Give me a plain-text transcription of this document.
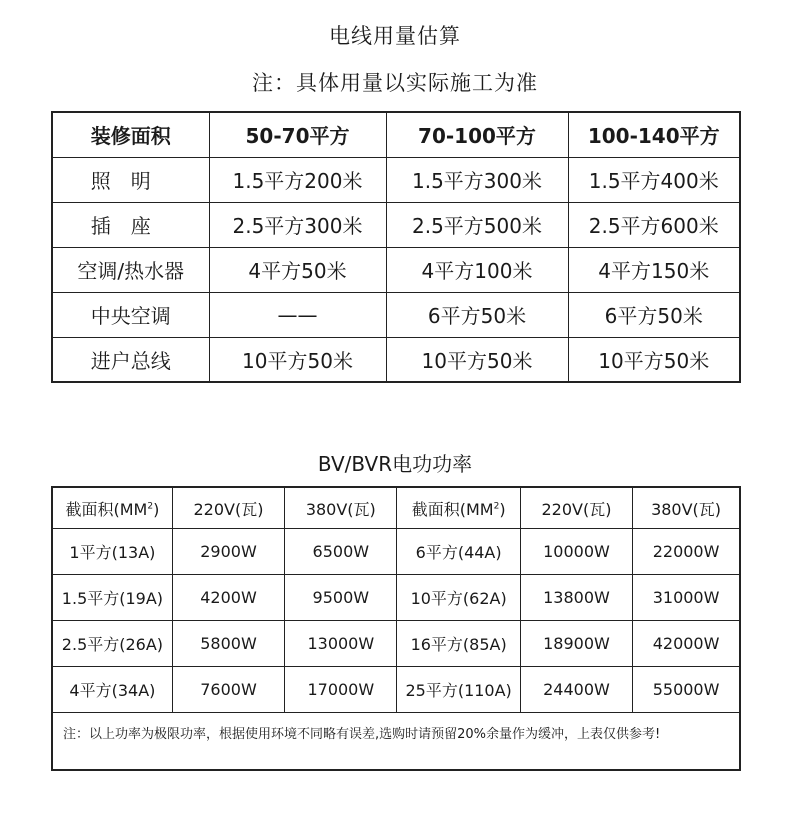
电线用量估算
注：具体用量以实际施工为准
装修面积	50-70平方	70-100平方	100-140平方
照明	1.5平方200米	1.5平方300米	1.5平方400米
插座	2.5平方300米	2.5平方500米	2.5平方600米
空调/热水器	4平方50米	4平方100米	4平方150米
中央空调	——	6平方50米	6平方50米
进户总线	10平方50米	10平方50米	10平方50米
BV/BVR电功功率
截面积$(MM^2)$	220V(瓦)	380V(瓦)	截面积$(MM^2)$	220V(瓦)	380V(瓦)
1平方(13A)	2900W	6500W	6平方(44A)	10000W	22000W
1.5平方(19A)	4200W	9500W	10平方(62A)	13800W	31000W
2.5平方(26A)	5800W	13000W	16平方(85A)	18900W	42000W
4平方(34A)	7600W	17000W	25平方(110A)	24400W	55000W
注：以上功率为极限功率，根据使用环境不同略有误差,选购时请预留20%余量作为缓冲，上表仅供参考!					
